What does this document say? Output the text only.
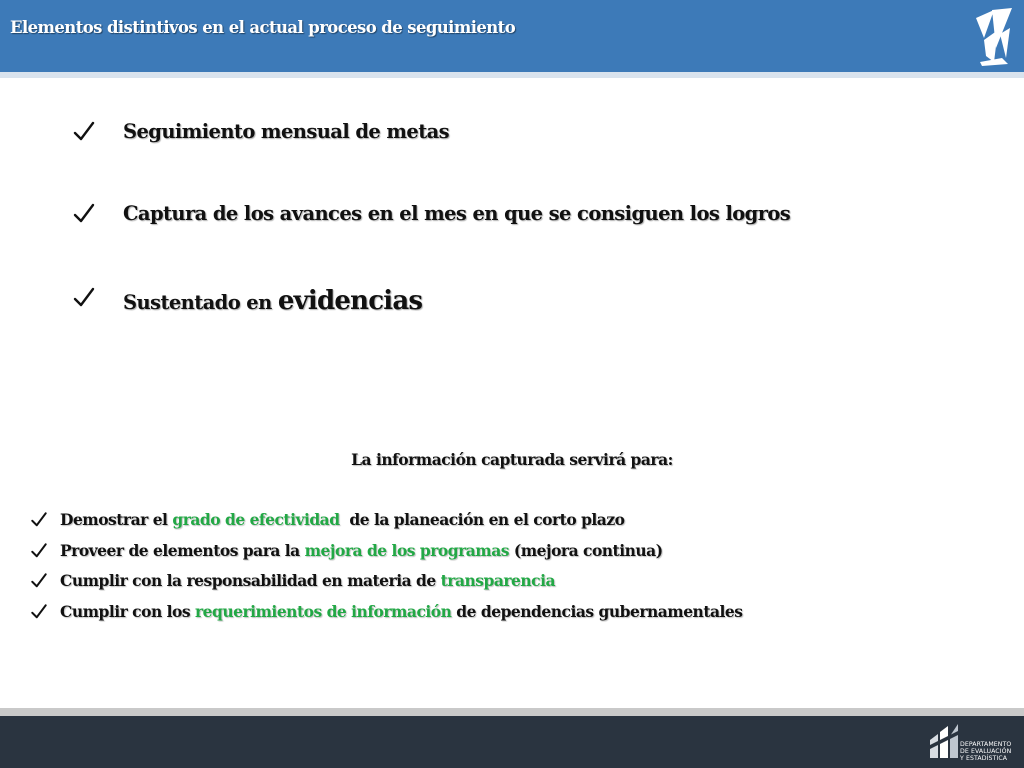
Elementos distintivos en el actual proceso de seguimiento
Seguimiento mensual de metas
Captura de los avances en el mes en que se consiguen los logros
Sustentado en evidencias
La información capturada servirá para:
Demostrar el grado de efectividad  de la planeación en el corto plazo
Proveer de elementos para la mejora de los programas (mejora continua)
Cumplir con la responsabilidad en materia de transparencia
Cumplir con los requerimientos de información de dependencias gubernamentales
DEPARTAMENTO
DE EVALUACIÓN
Y ESTADÍSTICA
